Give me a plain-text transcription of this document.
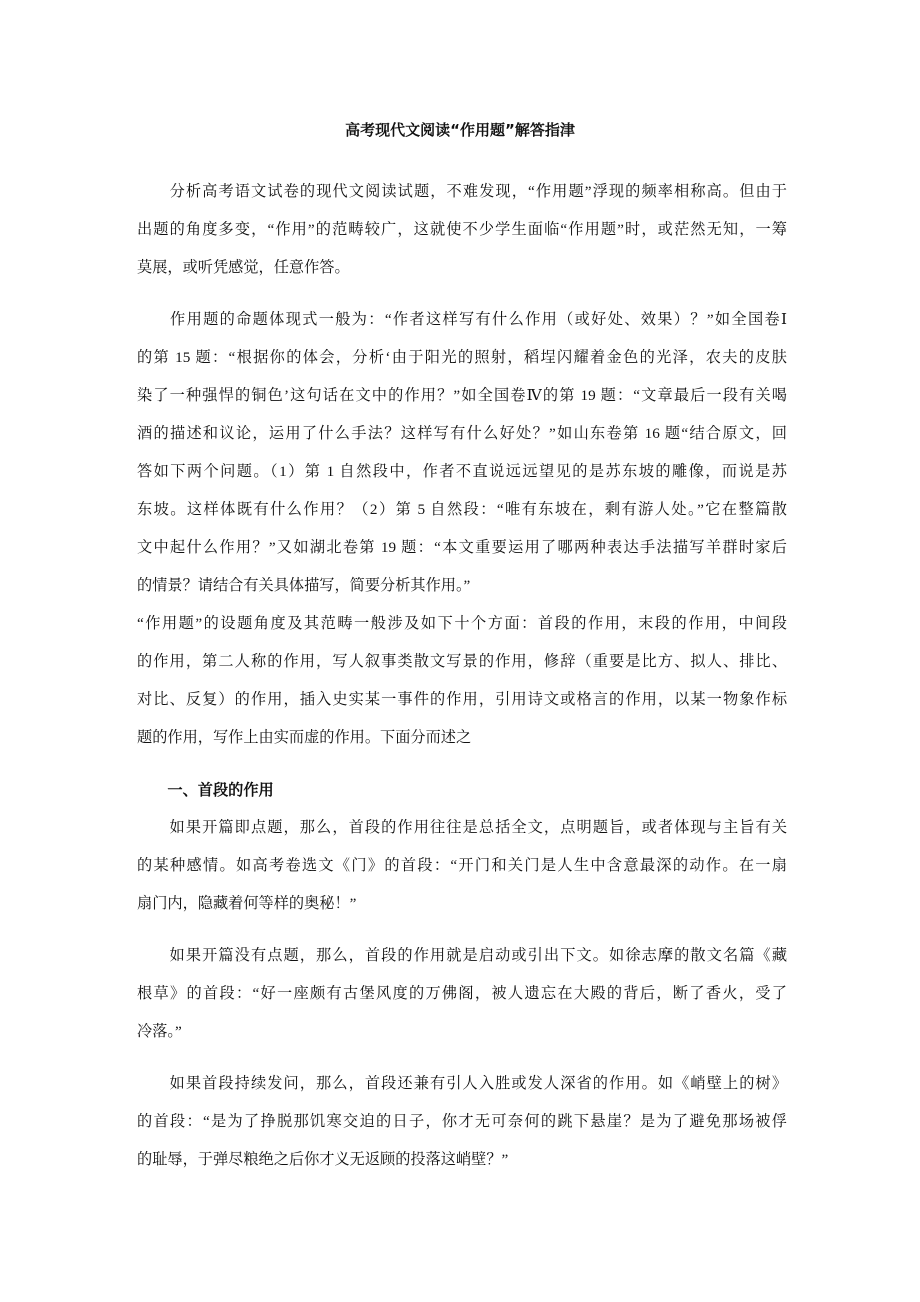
高考现代文阅读“作用题”解答指津
　　分析高考语文试卷的现代文阅读试题，不难发现，“作用题”浮现的频率相称高。但由于
出题的角度多变，“作用”的范畴较广，这就使不少学生面临“作用题”时，或茫然无知，一筹
莫展，或听凭感觉，任意作答。
　　作用题的命题体现式一般为：“作者这样写有什么作用（或好处、效果）？”如全国卷Ⅰ
的第 15 题：“根据你的体会，分析‘由于阳光的照射，稻埕闪耀着金色的光泽，农夫的皮肤
染了一种强悍的铜色’这句话在文中的作用？”如全国卷Ⅳ的第 19 题：“文章最后一段有关喝
酒的描述和议论，运用了什么手法？这样写有什么好处？”如山东卷第 16 题“结合原文，回
答如下两个问题。（1）第 1 自然段中，作者不直说远远望见的是苏东坡的雕像，而说是苏
东坡。这样体既有什么作用？（2）第 5 自然段：“唯有东坡在，剩有游人处。”它在整篇散
文中起什么作用？”又如湖北卷第 19 题：“本文重要运用了哪两种表达手法描写羊群时家后
的情景？请结合有关具体描写，简要分析其作用。”
“作用题”的设题角度及其范畴一般涉及如下十个方面：首段的作用，末段的作用，中间段
的作用，第二人称的作用，写人叙事类散文写景的作用，修辞（重要是比方、拟人、排比、
对比、反复）的作用，插入史实某一事件的作用，引用诗文或格言的作用，以某一物象作标
题的作用，写作上由实而虚的作用。下面分而述之
　　一、首段的作用
　　如果开篇即点题，那么，首段的作用往往是总括全文，点明题旨，或者体现与主旨有关
的某种感情。如高考卷选文《门》的首段：“开门和关门是人生中含意最深的动作。在一扇
扇门内，隐藏着何等样的奥秘！”
　　如果开篇没有点题，那么，首段的作用就是启动或引出下文。如徐志摩的散文名篇《藏
根草》的首段：“好一座颇有古堡风度的万佛阁，被人遗忘在大殿的背后，断了香火，受了
冷落。”
　　如果首段持续发问，那么，首段还兼有引人入胜或发人深省的作用。如《峭壁上的树》
的首段：“是为了挣脱那饥寒交迫的日子，你才无可奈何的跳下悬崖？是为了避免那场被俘
的耻辱，于弹尽粮绝之后你才义无返顾的投落这峭壁？”
